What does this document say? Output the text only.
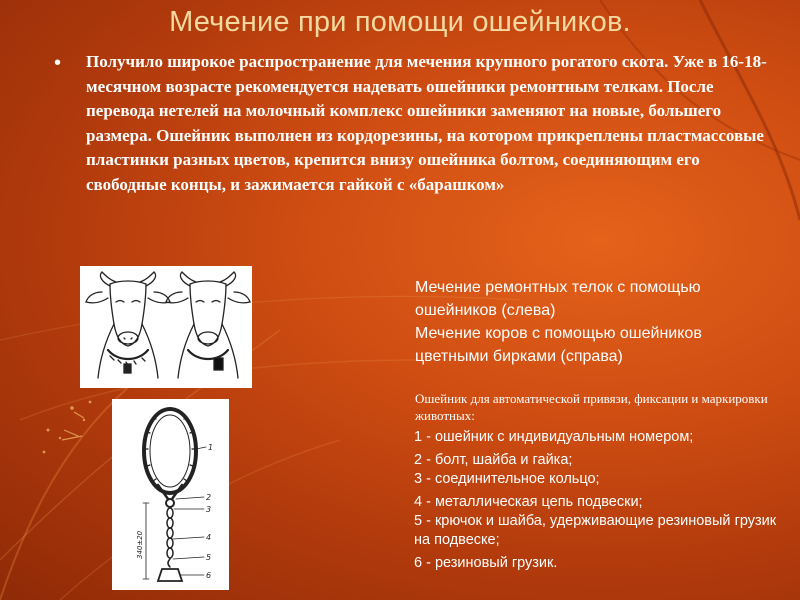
Мечение при помощи ошейников.
• Получило широкое распространение для мечения крупного рогатого скота. Уже в 16-18-месячном возрасте рекомендуется надевать ошейники ремонтным телкам. После перевода нетелей на молочный комплекс ошейники заменяют на новые, большего размера. Ошейник выполнен из кордорезины, на котором прикреплены пластмассовые пластинки разных цветов, крепится внизу ошейника болтом, соединяющим его свободные концы, и зажимается гайкой с «барашком»
1
2
3
4
5
6
340±20
Мечение ремонтных телок с помощью
ошейников (слева)
Мечение коров с помощью ошейников
цветными бирками (справа)
Ошейник для автоматической привязи, фиксации и маркировки животных:
1 - ошейник с индивидуальным номером;
2 - болт, шайба и гайка;
3 - соединительное кольцо;
4 - металлическая цепь подвески;
5 - крючок и шайба, удерживающие резиновый грузик на подвеске;
6 - резиновый грузик.
